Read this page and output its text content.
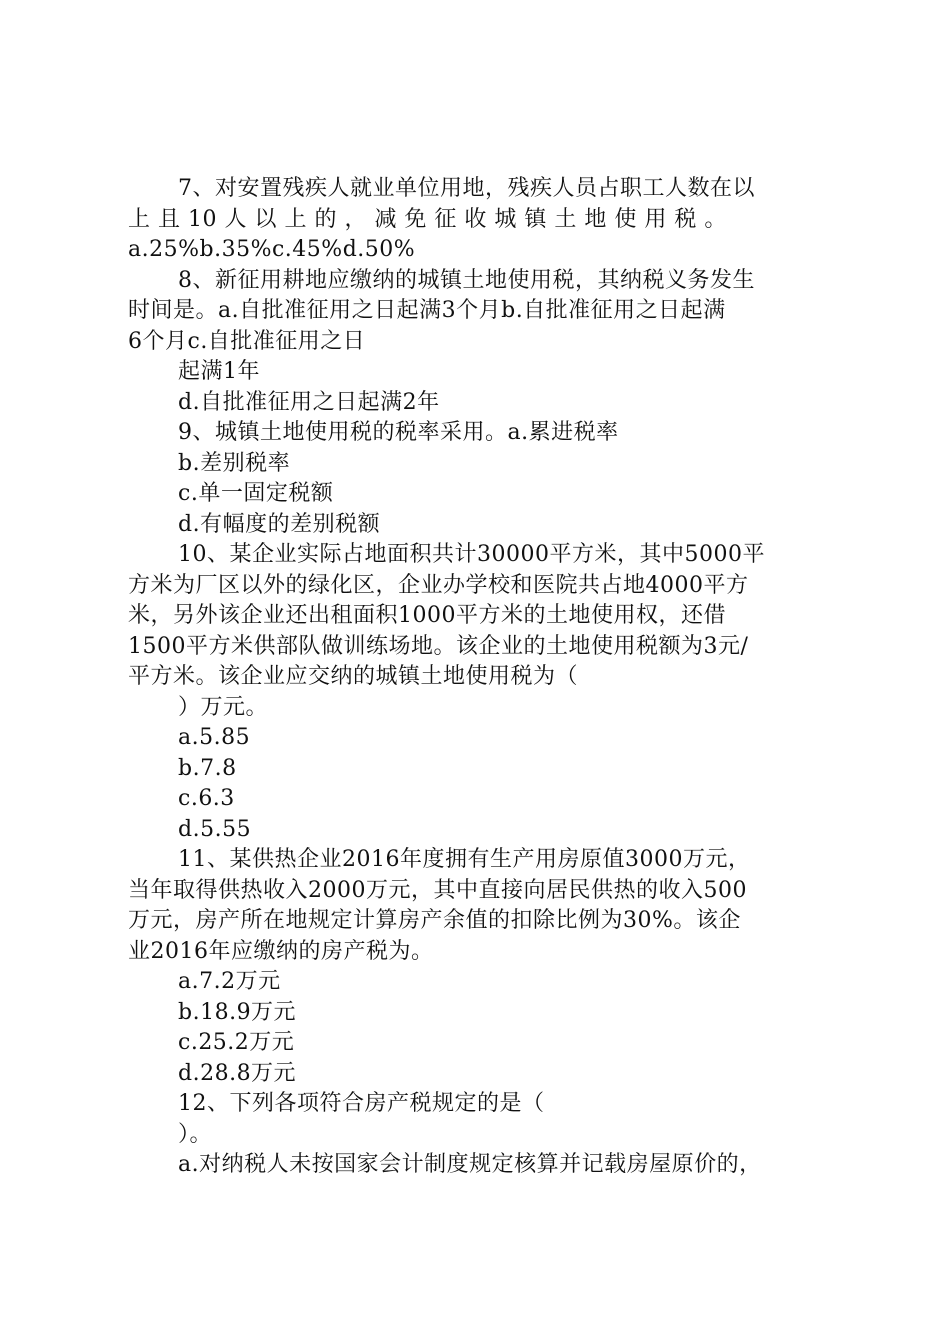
7、对安置残疾人就业单位用地，残疾人员占职工人数在以
上 且 10 人 以 上 的 ， 减 免 征 收 城 镇 土 地 使 用 税 。
a.25%b.35%c.45%d.50%
8、新征用耕地应缴纳的城镇土地使用税，其纳税义务发生
时间是。a.自批准征用之日起满3个月b.自批准征用之日起满
6个月c.自批准征用之日
起满1年
d.自批准征用之日起满2年
9、城镇土地使用税的税率采用。a.累进税率
b.差别税率
c.单一固定税额
d.有幅度的差别税额
10、某企业实际占地面积共计30000平方米，其中5000平
方米为厂区以外的绿化区，企业办学校和医院共占地4000平方
米，另外该企业还出租面积1000平方米的土地使用权，还借
1500平方米供部队做训练场地。该企业的土地使用税额为3元/
平方米。该企业应交纳的城镇土地使用税为（
）万元。
a.5.85
b.7.8
c.6.3
d.5.55
11、某供热企业2016年度拥有生产用房原值3000万元，
当年取得供热收入2000万元，其中直接向居民供热的收入500
万元，房产所在地规定计算房产余值的扣除比例为30%。该企
业2016年应缴纳的房产税为。
a.7.2万元
b.18.9万元
c.25.2万元
d.28.8万元
12、下列各项符合房产税规定的是（
）。
a.对纳税人未按国家会计制度规定核算并记载房屋原价的，
